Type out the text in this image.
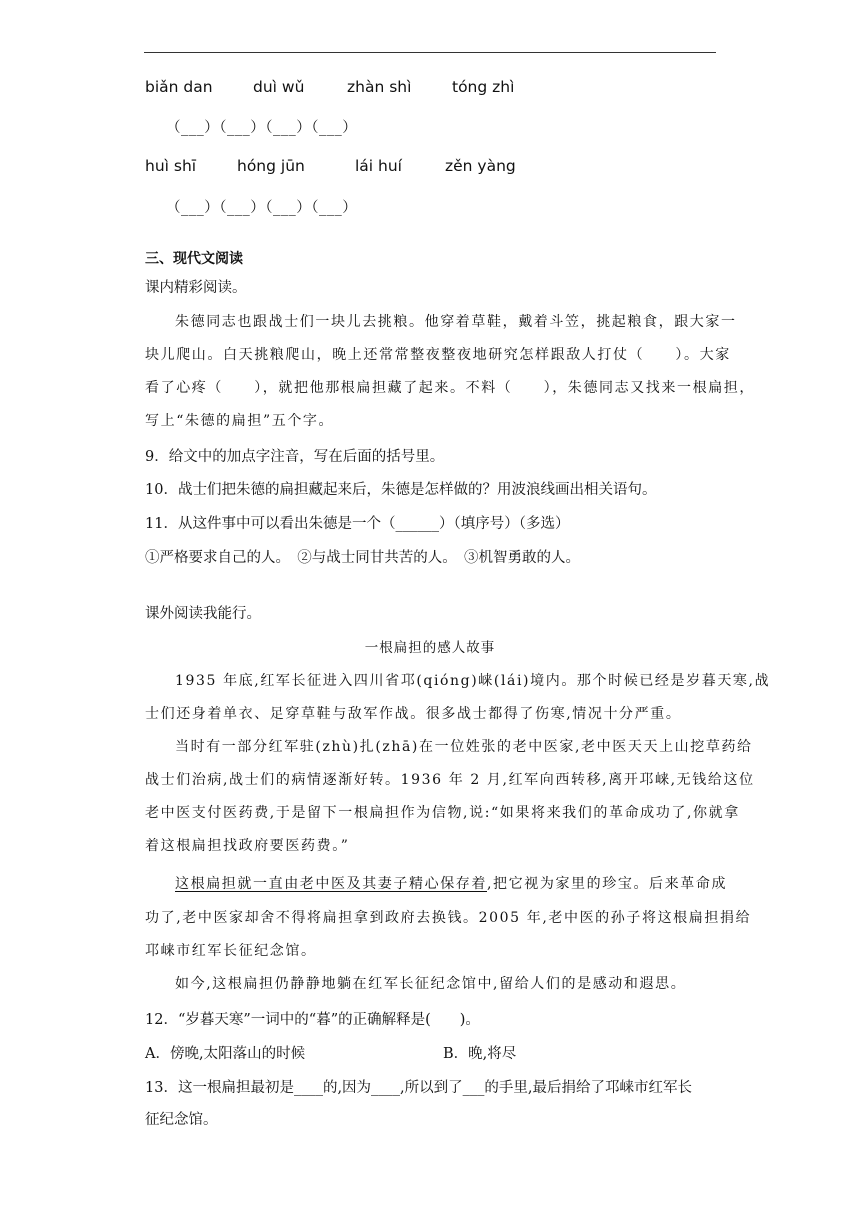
biǎn dan	duì wǔ	zhàn shì	tóng zhì
（___）（___）（___）（___）
huì shī	hóng jūn	lái huí	zěn yàng
（___）（___）（___）（___）
三、现代文阅读
课内精彩阅读。
朱德同志也跟战士们一块儿去挑粮。他穿着草鞋，戴着斗笠，挑起粮食，跟大家一
块儿爬山。白天挑粮爬山，晚上还常常整夜整夜地研究怎样跟敌人打仗（　　）。大家
看了心疼（　　），就把他那根扁担藏了起来。不料（　　），朱德同志又找来一根扁担，
写上“朱德的扁担”五个字。
9．给文中的加点字注音，写在后面的括号里。
10．战士们把朱德的扁担藏起来后，朱德是怎样做的？用波浪线画出相关语句。
11．从这件事中可以看出朱德是一个（______）（填序号）（多选）
①严格要求自己的人。　②与战士同甘共苦的人。　③机智勇敢的人。
课外阅读我能行。
一根扁担的感人故事
1935 年底,红军长征进入四川省邛(qióng)崃(lái)境内。那个时候已经是岁暮天寒,战
士们还身着单衣、足穿草鞋与敌军作战。很多战士都得了伤寒,情况十分严重。
当时有一部分红军驻(zhù)扎(zhā)在一位姓张的老中医家,老中医天天上山挖草药给
战士们治病,战士们的病情逐渐好转。1936 年 2 月,红军向西转移,离开邛崃,无钱给这位
老中医支付医药费,于是留下一根扁担作为信物,说:“如果将来我们的革命成功了,你就拿
着这根扁担找政府要医药费。”
这根扁担就一直由老中医及其妻子精心保存着,把它视为家里的珍宝。后来革命成
功了,老中医家却舍不得将扁担拿到政府去换钱。2005 年,老中医的孙子将这根扁担捐给
邛崃市红军长征纪念馆。
如今,这根扁担仍静静地躺在红军长征纪念馆中,留给人们的是感动和遐思。
12．“岁暮天寒”一词中的“暮”的正确解释是(　　)。
A．傍晚,太阳落山的时候	B．晚,将尽
13．这一根扁担最初是____的,因为____,所以到了___的手里,最后捐给了邛崃市红军长
征纪念馆。
